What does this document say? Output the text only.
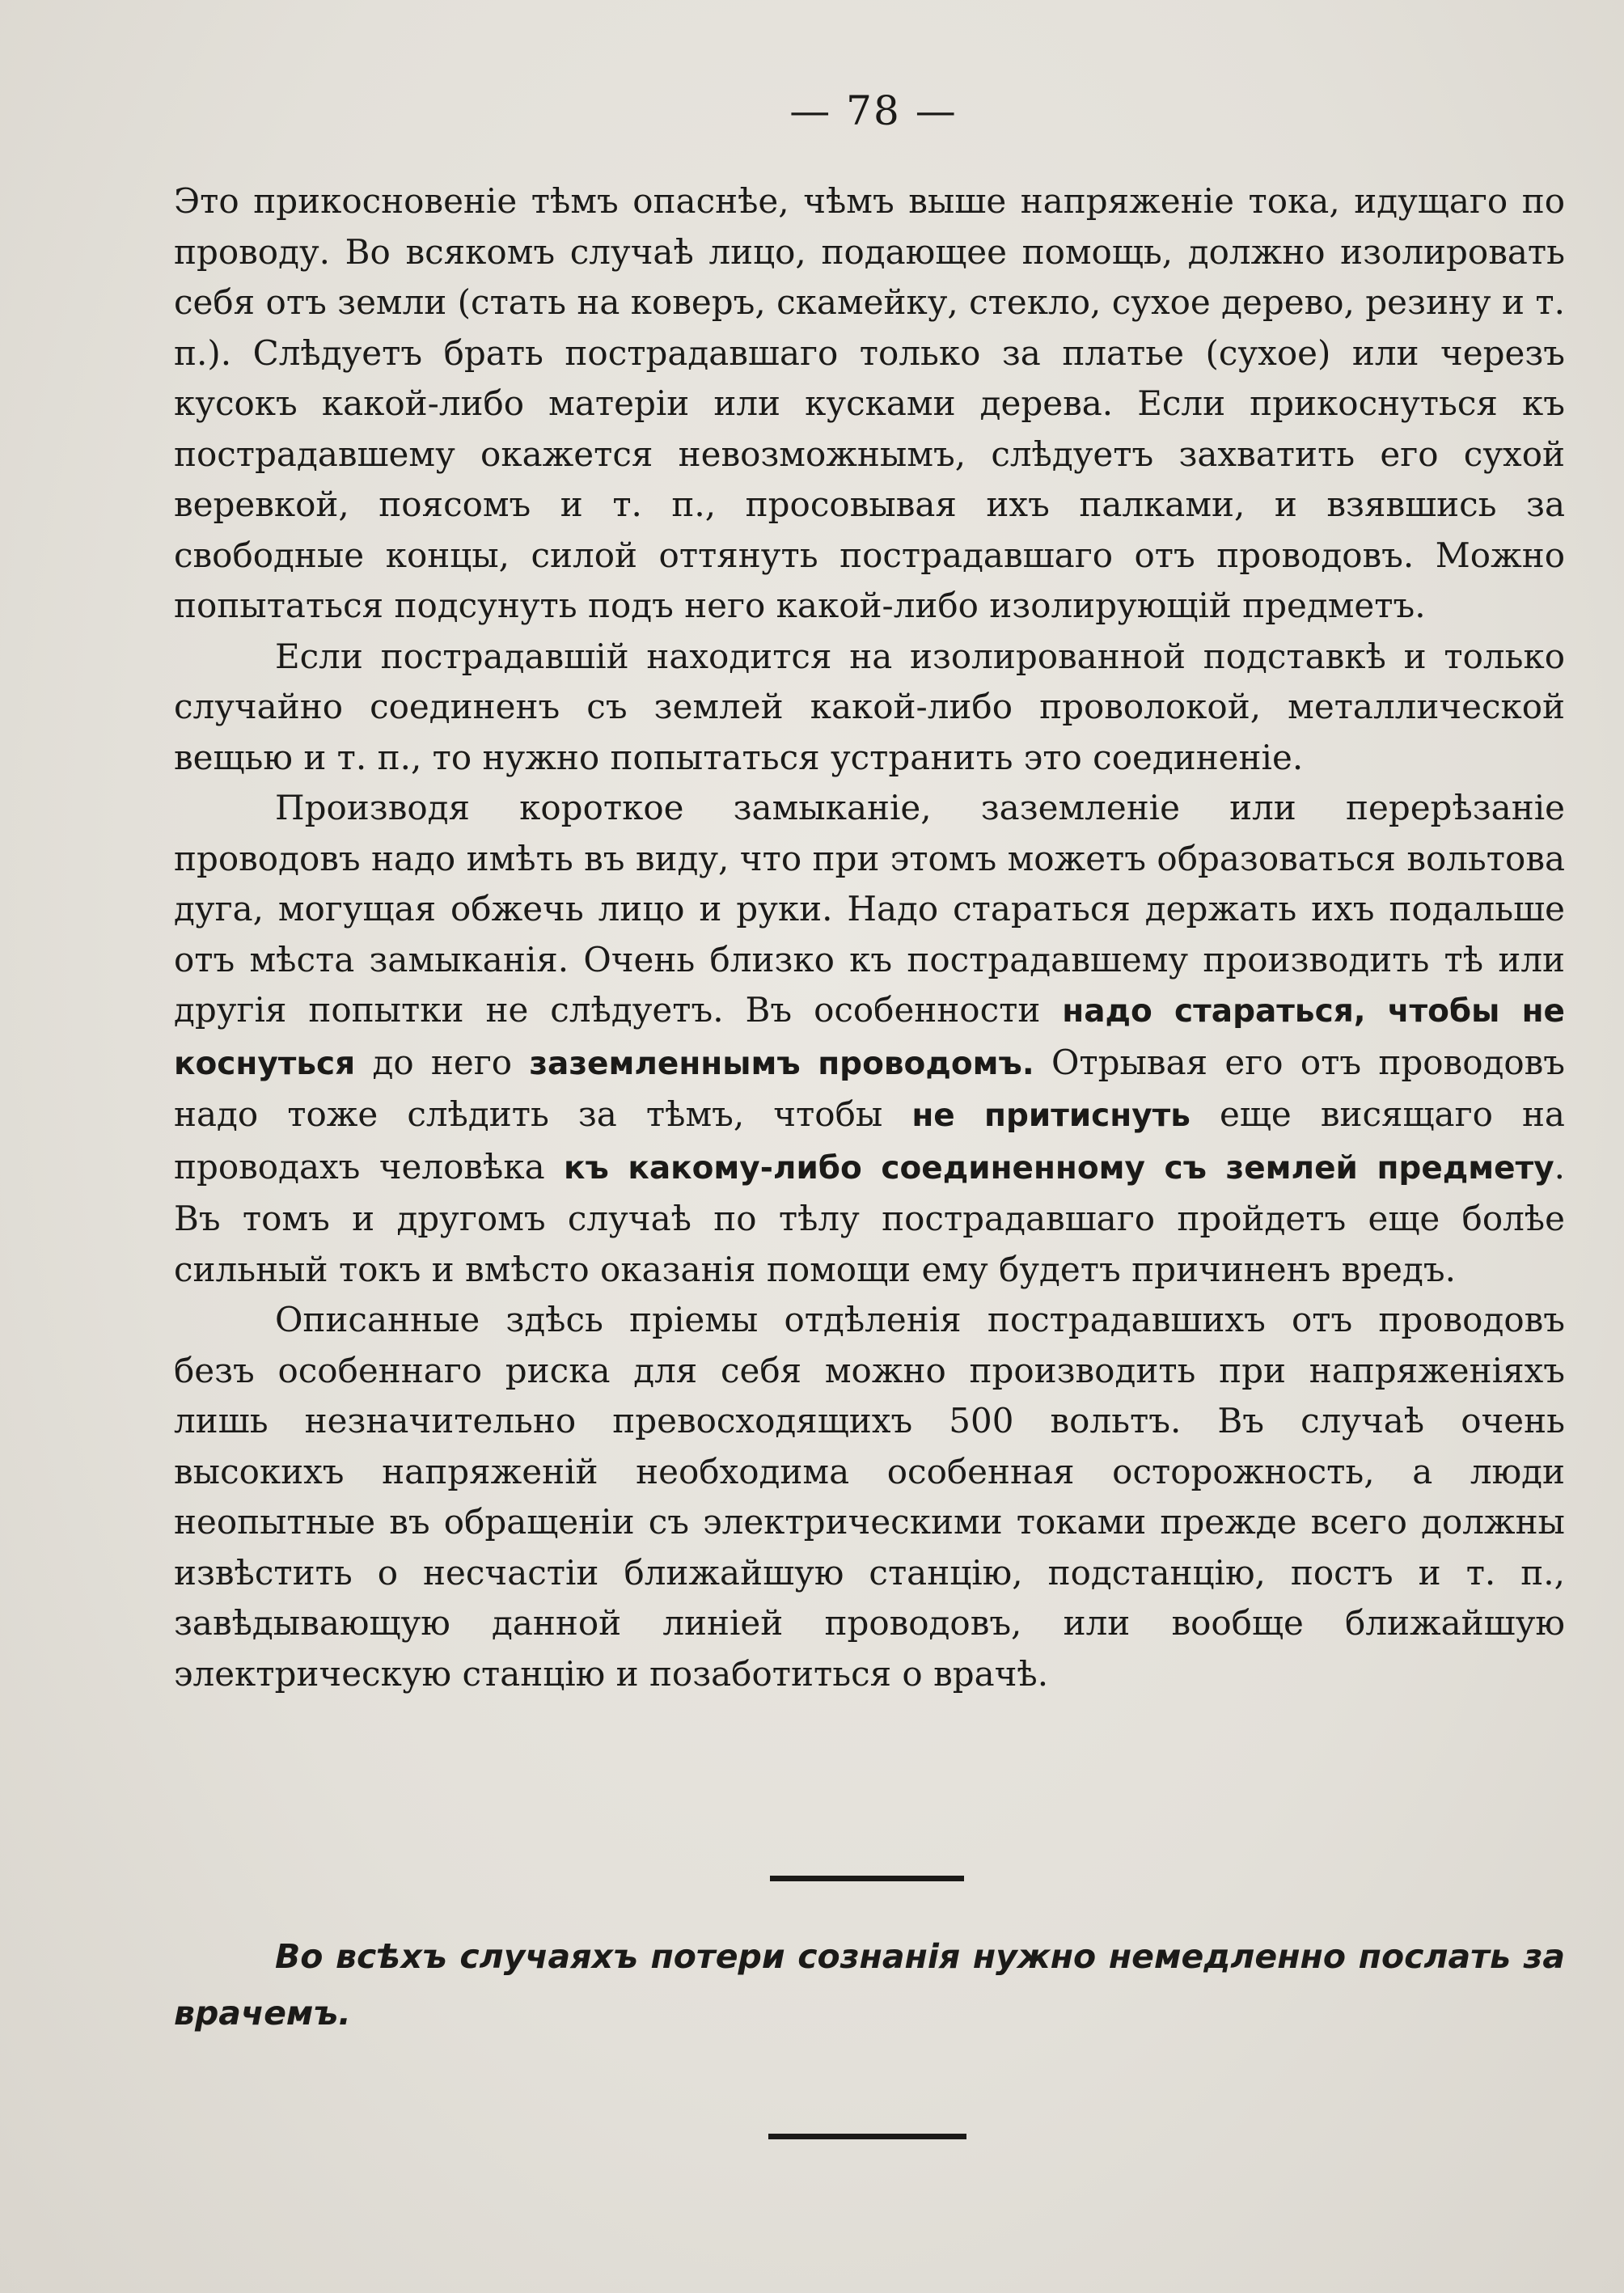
— 78 —

Это прикосновеніе тѣмъ опаснѣе, чѣмъ выше напряженіе тока, идущаго по проводу. Во всякомъ случаѣ лицо, подающее помощь, должно изолировать себя отъ земли (стать на коверъ, скамейку, стекло, сухое дерево, резину и т. п.). Слѣдуетъ брать пострадавшаго только за платье (сухое) или черезъ кусокъ какой-либо матеріи или кусками дерева. Если прикоснуться къ пострадавшему окажется невозможнымъ, слѣдуетъ захватить его сухой веревкой, поясомъ и т. п., просовывая ихъ палками, и взявшись за свободные концы, силой оттянуть пострадавшаго отъ проводовъ. Можно попытаться подсунуть подъ него какой-либо изолирующій предметъ.

Если пострадавшій находится на изолированной подставкѣ и только случайно соединенъ съ землей какой-либо проволокой, металлической вещью и т. п., то нужно попытаться устранить это соединеніе.

Производя короткое замыканіе, заземленіе или перерѣзаніе проводовъ надо имѣть въ виду, что при этомъ можетъ образоваться вольтова дуга, могущая обжечь лицо и руки. Надо стараться держать ихъ подальше отъ мѣста замыканія. Очень близко къ пострадавшему производить тѣ или другія попытки не слѣдуетъ. Въ особенности надо стараться, чтобы не коснуться до него заземленнымъ проводомъ. Отрывая его отъ проводовъ надо тоже слѣдить за тѣмъ, чтобы не притиснуть еще висящаго на проводахъ человѣка къ какому-либо соединенному съ землей предмету. Въ томъ и другомъ случаѣ по тѣлу пострадавшаго пройдетъ еще болѣе сильный токъ и вмѣсто оказанія помощи ему будетъ причиненъ вредъ.

Описанные здѣсь пріемы отдѣленія пострадавшихъ отъ проводовъ безъ особеннаго риска для себя можно производить при напряженіяхъ лишь незначительно превосходящихъ 500 вольтъ. Въ случаѣ очень высокихъ напряженій необходима особенная осторожность, а люди неопытные въ обращеніи съ электрическими токами прежде всего должны извѣстить о несчастіи ближайшую станцію, подстанцію, постъ и т. п., завѣдывающую данной линіей проводовъ, или вообще ближайшую электрическую станцію и позаботиться о врачѣ.

Во всѣхъ случаяхъ потери сознанія нужно немедленно послать за врачемъ.
